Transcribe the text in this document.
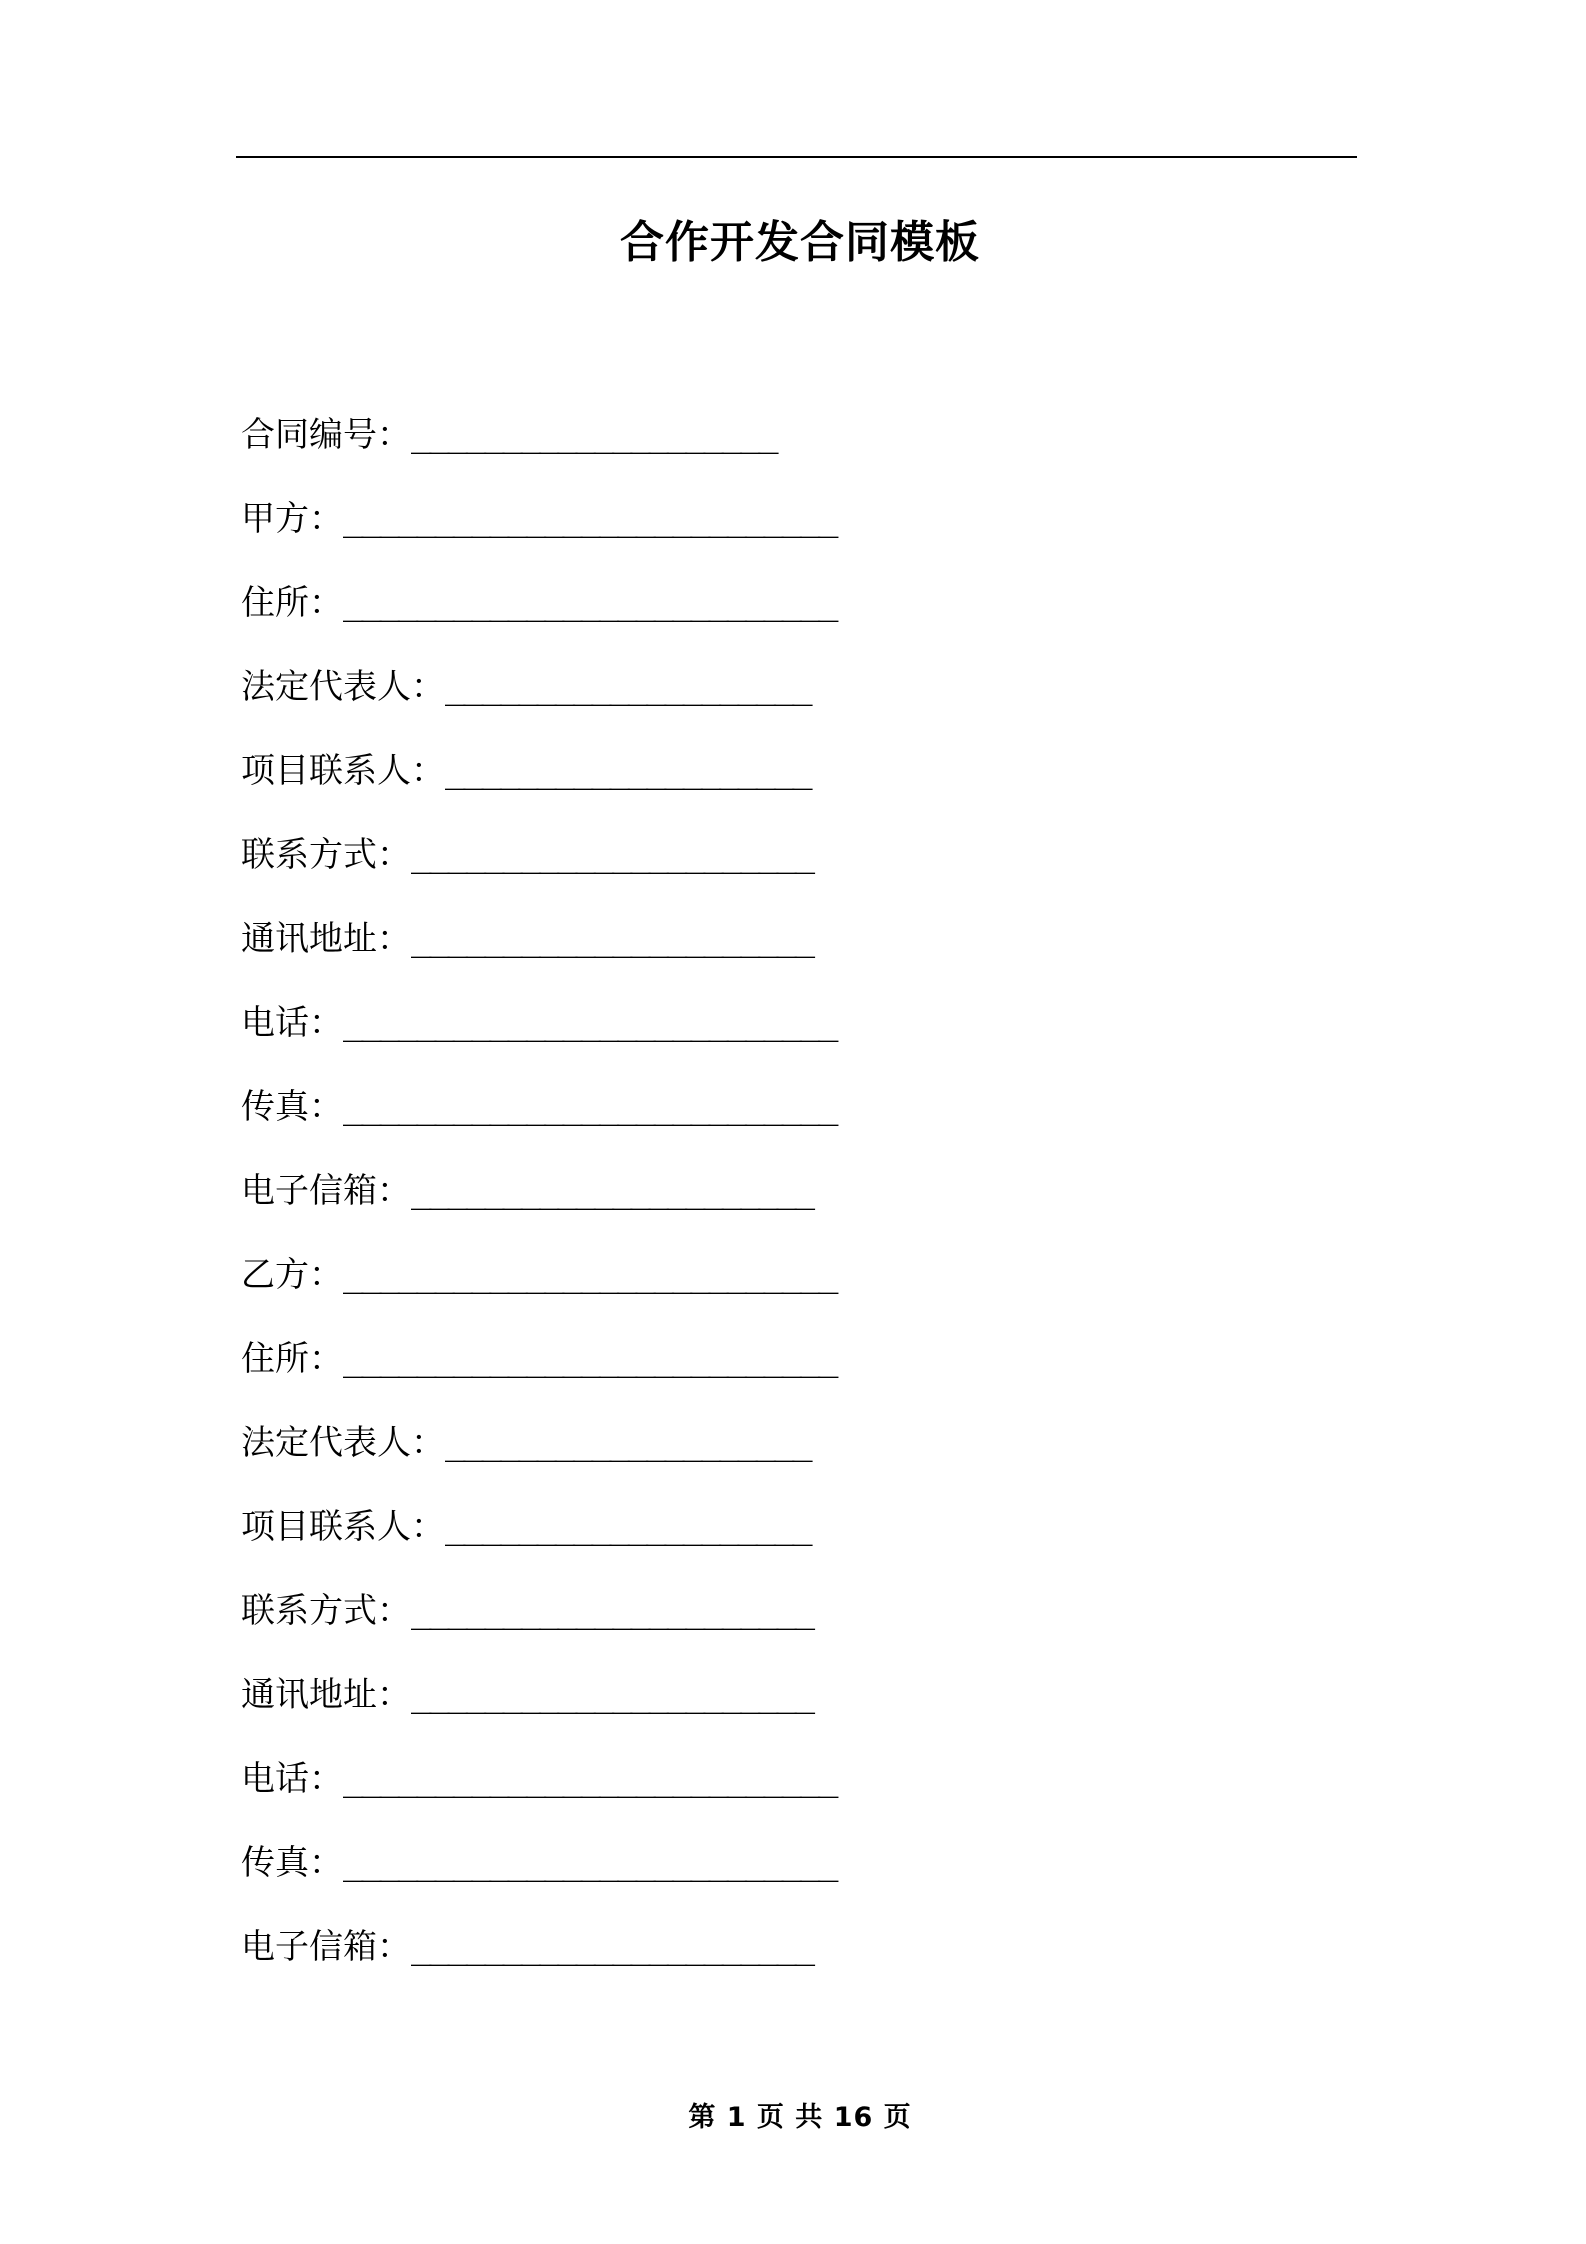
合作开发合同模板
合同编号： ____________________
甲方： ___________________________
住所： ___________________________
法定代表人： ____________________
项目联系人： ____________________
联系方式： ______________________
通讯地址： ______________________
电话： ___________________________
传真： ___________________________
电子信箱： ______________________
乙方： ___________________________
住所： ___________________________
法定代表人： ____________________
项目联系人： ____________________
联系方式： ______________________
通讯地址： ______________________
电话： ___________________________
传真： ___________________________
电子信箱： ______________________
第 1 页 共 16 页
